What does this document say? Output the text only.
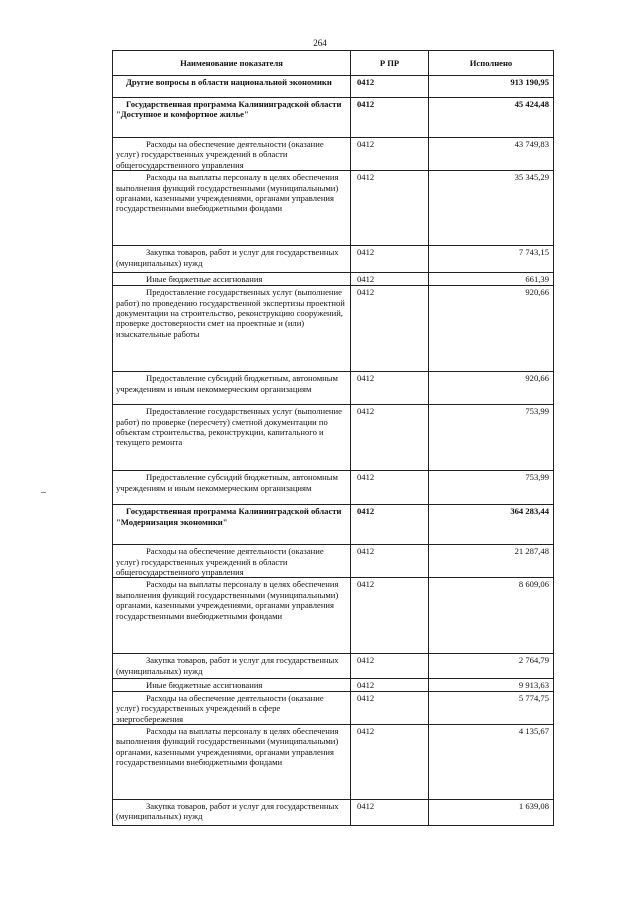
264
Наименование показателя	Р ПР	Исполнено
Другие вопросы в области национальной экономики	0412	913 190,95
Государственная программа Калининградской области "Доступное и комфортное жилье"	0412	45 424,48
Расходы на обеспечение деятельности (оказание услуг) государственных учреждений в области общегосударственного управления	0412	43 749,83
Расходы на выплаты персоналу в целях обеспечения выполнения функций государственными (муниципальными) органами, казенными учреждениями, органами управления государственными внебюджетными фондами	0412	35 345,29
Закупка товаров, работ и услуг для государственных (муниципальных) нужд	0412	7 743,15
Иные бюджетные ассигнования	0412	661,39
Предоставление государственных услуг (выполнение работ) по проведению государственной экспертизы проектной документации на строительство, реконструкцию сооружений, проверке достоверности смет на проектные и (или) изыскательные работы	0412	920,66
Предоставление субсидий бюджетным, автономным учреждениям и иным некоммерческим организациям	0412	920,66
Предоставление государственных услуг (выполнение работ) по проверке (пересчету) сметной документации по объектам строительства, реконструкции, капитального и текущего ремонта	0412	753,99
Предоставление субсидий бюджетным, автономным учреждениям и иным некоммерческим организациям	0412	753,99
Государственная программа Калининградской области "Модернизация экономики"	0412	364 283,44
Расходы на обеспечение деятельности (оказание услуг) государственных учреждений в области общегосударственного управления	0412	21 287,48
Расходы на выплаты персоналу в целях обеспечения выполнения функций государственными (муниципальными) органами, казенными учреждениями, органами управления государственными внебюджетными фондами	0412	8 609,06
Закупка товаров, работ и услуг для государственных (муниципальных) нужд	0412	2 764,79
Иные бюджетные ассигнования	0412	9 913,63
Расходы на обеспечение деятельности (оказание услуг) государственных учреждений в сфере энергосбережения	0412	5 774,75
Расходы на выплаты персоналу в целях обеспечения выполнения функций государственными (муниципальными) органами, казенными учреждениями, органами управления государственными внебюджетными фондами	0412	4 135,67
Закупка товаров, работ и услуг для государственных (муниципальных) нужд	0412	1 639,08
